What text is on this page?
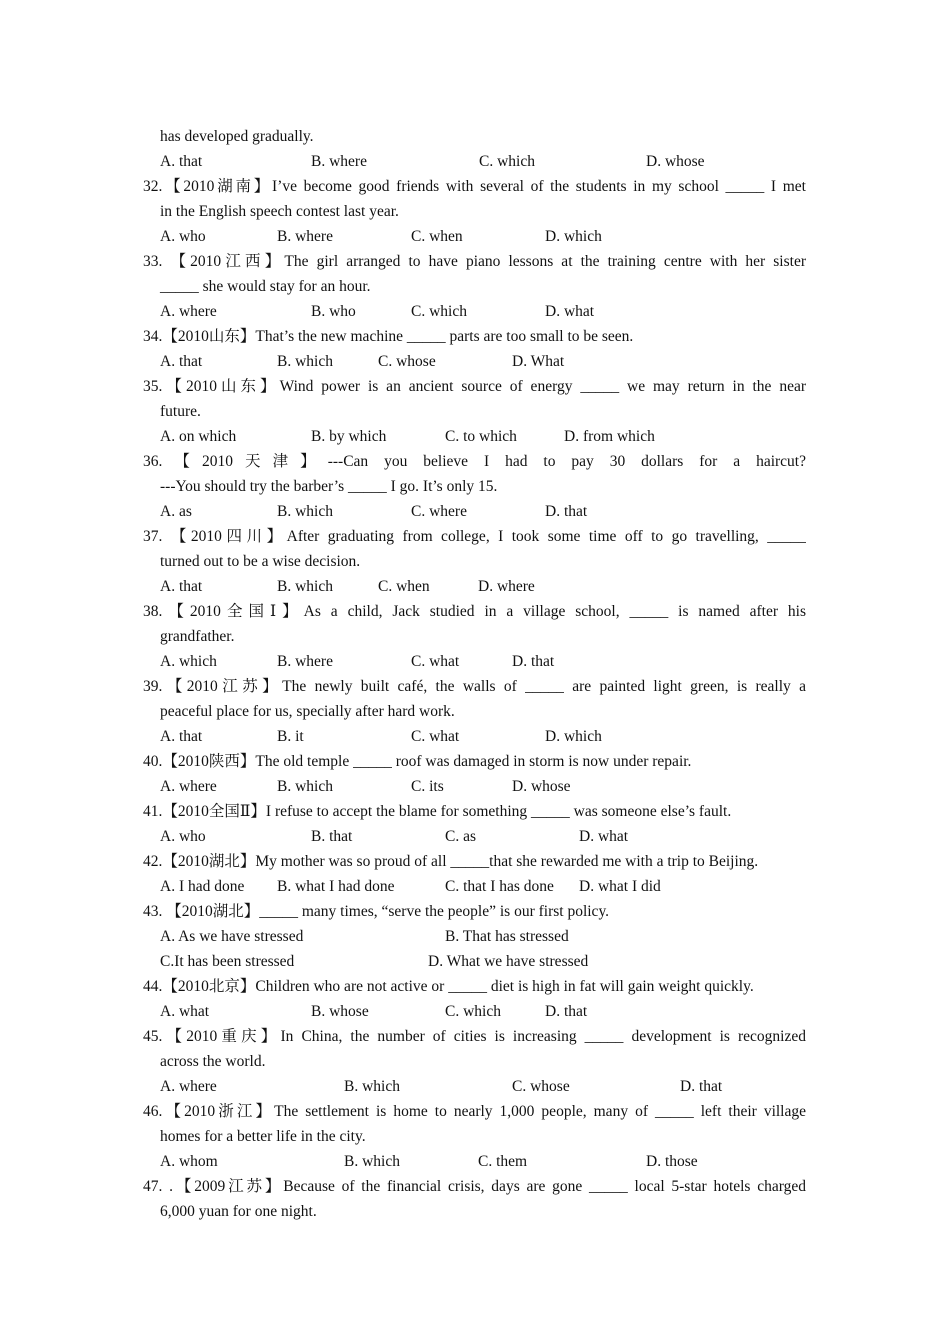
has developed gradually.
A. that	B. where	C. which	D. whose
32.【2010湖南】I’ve become good friends with several of the students in my school _____ I met
in the English speech contest last year.
A. who	B. where	C. when	D. which
33. 【2010江西】The girl arranged to have piano lessons at the training centre with her sister
_____ she would stay for an hour.
A. where	B. who	C. which	D. what
34.【2010山东】That’s the new machine _____ parts are too small to be seen.
A. that	B. which	C. whose	D. What
35.【2010山东】Wind power is an ancient source of energy _____ we may return in the near
future.
A. on which	B. by which	C. to which	D. from which
36.【2010天津】---Can you believe I had to pay 30 dollars for a haircut?
---You should try the barber’s _____ I go. It’s only 15.
A. as	B. which	C. where	D. that
37. 【2010四川】After graduating from college, I took some time off to go travelling, _____
turned out to be a wise decision.
A. that	B. which	C. when	D. where
38.【2010全国Ⅰ】As a child, Jack studied in a village school, _____ is named after his
grandfather.
A. which	B. where	C. what	D. that
39.【2010江苏】The newly built café, the walls of _____ are painted light green, is really a
peaceful place for us, specially after hard work.
A. that	B. it	C. what	D. which
40.【2010陕西】The old temple _____ roof was damaged in storm is now under repair.
A. where	B. which	C. its	D. whose
41.【2010全国Ⅱ】I refuse to accept the blame for something _____ was someone else’s fault.
A. who	B. that	C. as	D. what
42.【2010湖北】My mother was so proud of all _____that she rewarded me with a trip to Beijing.
A. I had done B. what I had done	C. that I has done D. what I did
43. 【2010湖北】_____ many times, “serve the people” is our first policy.
A. As we have stressed	B. That has stressed
C.It has been stressed	D. What we have stressed
44.【2010北京】Children who are not active or _____ diet is high in fat will gain weight quickly.
A. what	B. whose	C. which	D. that
45.【2010重庆】In China, the number of cities is increasing _____ development is recognized
across the world.
A. where	B. which	C. whose	D. that
46.【2010浙江】The settlement is home to nearly 1,000 people, many of _____ left their village
homes for a better life in the city.
A. whom	B. which	C. them	D. those
47. .【2009江苏】Because of the financial crisis, days are gone _____ local 5-star hotels charged
6,000 yuan for one night.
